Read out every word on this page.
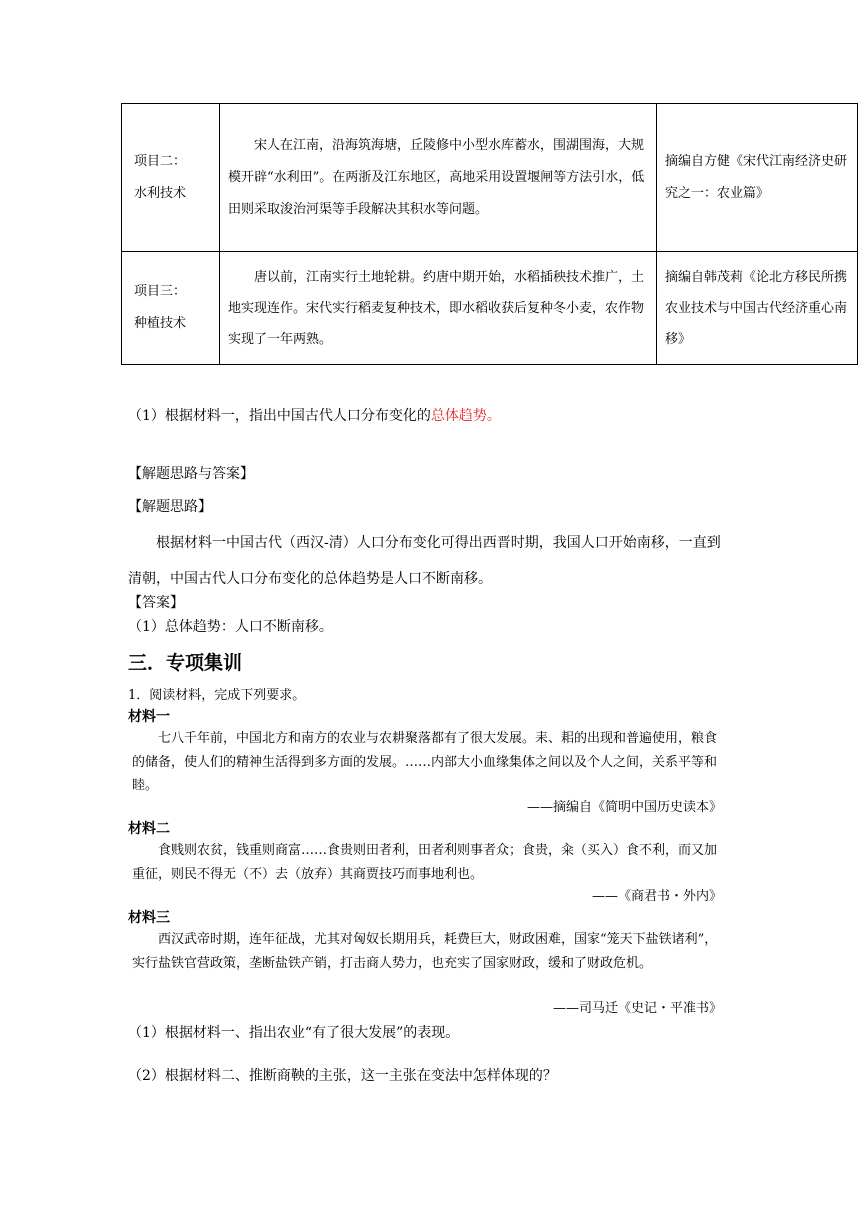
项目二：
水利技术	宋人在江南，沿海筑海塘，丘陵修中小型水库蓄水，围湖围海，大规模开辟“水利田”。在两浙及江东地区，高地采用设置堰闸等方法引水，低田则采取浚治河渠等手段解决其积水等问题。	摘编自方健《宋代江南经济史研究之一：农业篇》

项目三：
种植技术	唐以前，江南实行土地轮耕。约唐中期开始，水稻插秧技术推广，土地实现连作。宋代实行稻麦复种技术，即水稻收获后复种冬小麦，农作物实现了一年两熟。	摘编自韩茂莉《论北方移民所携农业技术与中国古代经济重心南移》
（1）根据材料一，指出中国古代人口分布变化的总体趋势。
【解题思路与答案】
【解题思路】
根据材料一中国古代（西汉-清）人口分布变化可得出西晋时期，我国人口开始南移，一直到清朝，中国古代人口分布变化的总体趋势是人口不断南移。
【答案】
（1）总体趋势：人口不断南移。
三．专项集训
1．阅读材料，完成下列要求。
材料一
七八千年前，中国北方和南方的农业与农耕聚落都有了很大发展。耒、耜的出现和普遍使用，粮食的储备，使人们的精神生活得到多方面的发展。……内部大小血缘集体之间以及个人之间，关系平等和睦。
——摘编自《简明中国历史读本》
材料二
食贱则农贫，钱重则商富……食贵则田者利，田者利则事者众；食贵，籴（买入）食不利，而又加重征，则民不得无（不）去（放弃）其商贾技巧而事地利也。
——《商君书・外内》
材料三
西汉武帝时期，连年征战，尤其对匈奴长期用兵，耗费巨大，财政困难，国家“笼天下盐铁诸利”，实行盐铁官营政策，垄断盐铁产销，打击商人势力，也充实了国家财政，缓和了财政危机。
——司马迁《史记・平准书》
（1）根据材料一、指出农业“有了很大发展”的表现。
（2）根据材料二、推断商鞅的主张，这一主张在变法中怎样体现的？
